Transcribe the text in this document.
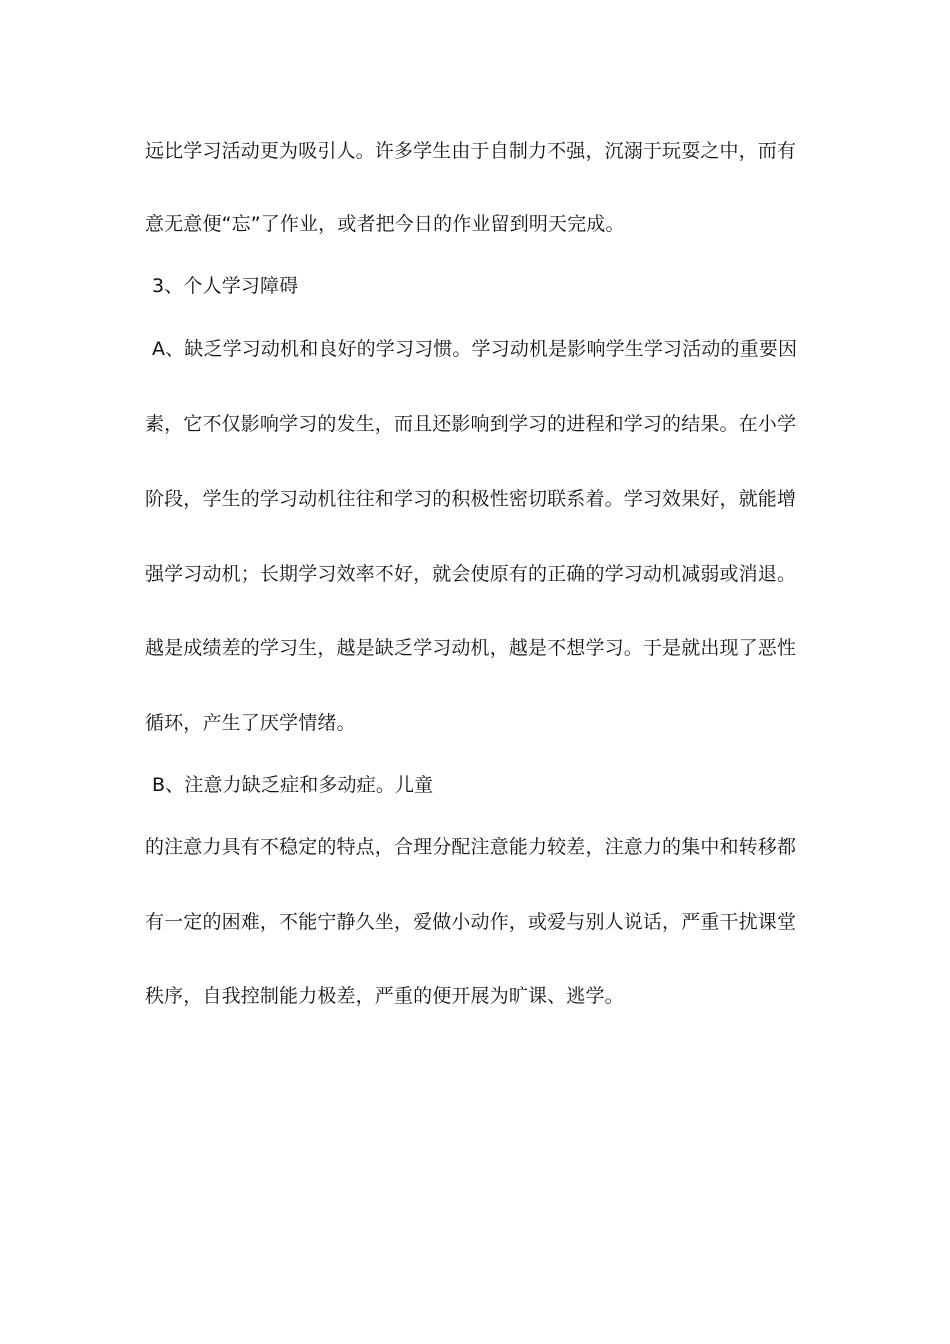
远比学习活动更为吸引人。许多学生由于自制力不强，沉溺于玩耍之中，而有
意无意便“忘”了作业，或者把今日的作业留到明天完成。
3、个人学习障碍
A、缺乏学习动机和良好的学习习惯。学习动机是影响学生学习活动的重要因
素，它不仅影响学习的发生，而且还影响到学习的进程和学习的结果。在小学
阶段，学生的学习动机往往和学习的积极性密切联系着。学习效果好，就能增
强学习动机；长期学习效率不好，就会使原有的正确的学习动机减弱或消退。
越是成绩差的学习生，越是缺乏学习动机，越是不想学习。于是就出现了恶性
循环，产生了厌学情绪。
B、注意力缺乏症和多动症。儿童
的注意力具有不稳定的特点，合理分配注意能力较差，注意力的集中和转移都
有一定的困难，不能宁静久坐，爱做小动作，或爱与别人说话，严重干扰课堂
秩序，自我控制能力极差，严重的便开展为旷课、逃学。
